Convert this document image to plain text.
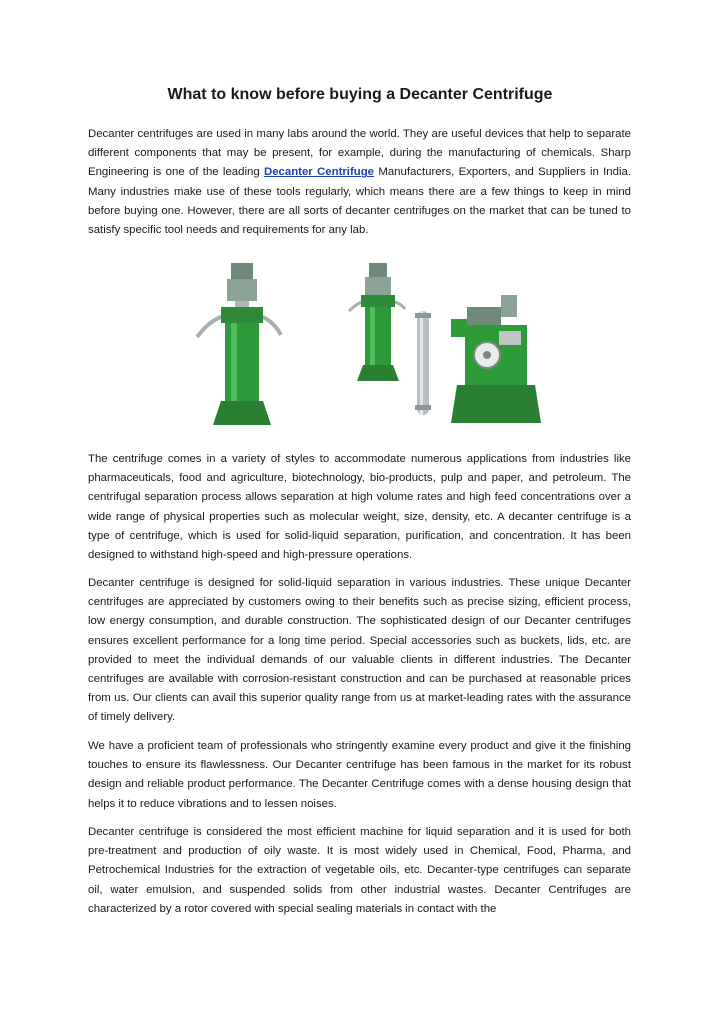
What to know before buying a Decanter Centrifuge

Decanter centrifuges are used in many labs around the world. They are useful devices that help to separate different components that may be present, for example, during the manufacturing of chemicals. Sharp Engineering is one of the leading Decanter Centrifuge Manufacturers, Exporters, and Suppliers in India. Many industries make use of these tools regularly, which means there are a few things to keep in mind before buying one. However, there are all sorts of decanter centrifuges on the market that can be tuned to satisfy specific tool needs and requirements for any lab.

The centrifuge comes in a variety of styles to accommodate numerous applications from industries like pharmaceuticals, food and agriculture, biotechnology, bio-products, pulp and paper, and petroleum. The centrifugal separation process allows separation at high volume rates and high feed concentrations over a wide range of physical properties such as molecular weight, size, density, etc. A decanter centrifuge is a type of centrifuge, which is used for solid-liquid separation, purification, and concentration. It has been designed to withstand high-speed and high-pressure operations.

Decanter centrifuge is designed for solid-liquid separation in various industries. These unique Decanter centrifuges are appreciated by customers owing to their benefits such as precise sizing, efficient process, low energy consumption, and durable construction. The sophisticated design of our Decanter centrifuges ensures excellent performance for a long time period. Special accessories such as buckets, lids, etc. are provided to meet the individual demands of our valuable clients in different industries. The Decanter centrifuges are available with corrosion-resistant construction and can be purchased at reasonable prices from us. Our clients can avail this superior quality range from us at market-leading rates with the assurance of timely delivery.

We have a proficient team of professionals who stringently examine every product and give it the finishing touches to ensure its flawlessness. Our Decanter centrifuge has been famous in the market for its robust design and reliable product performance. The Decanter Centrifuge comes with a dense housing design that helps it to reduce vibrations and to lessen noises.

Decanter centrifuge is considered the most efficient machine for liquid separation and it is used for both pre-treatment and production of oily waste. It is most widely used in Chemical, Food, Pharma, and Petrochemical Industries for the extraction of vegetable oils, etc. Decanter-type centrifuges can separate oil, water emulsion, and suspended solids from other industrial wastes. Decanter Centrifuges are characterized by a rotor covered with special sealing materials in contact with the
